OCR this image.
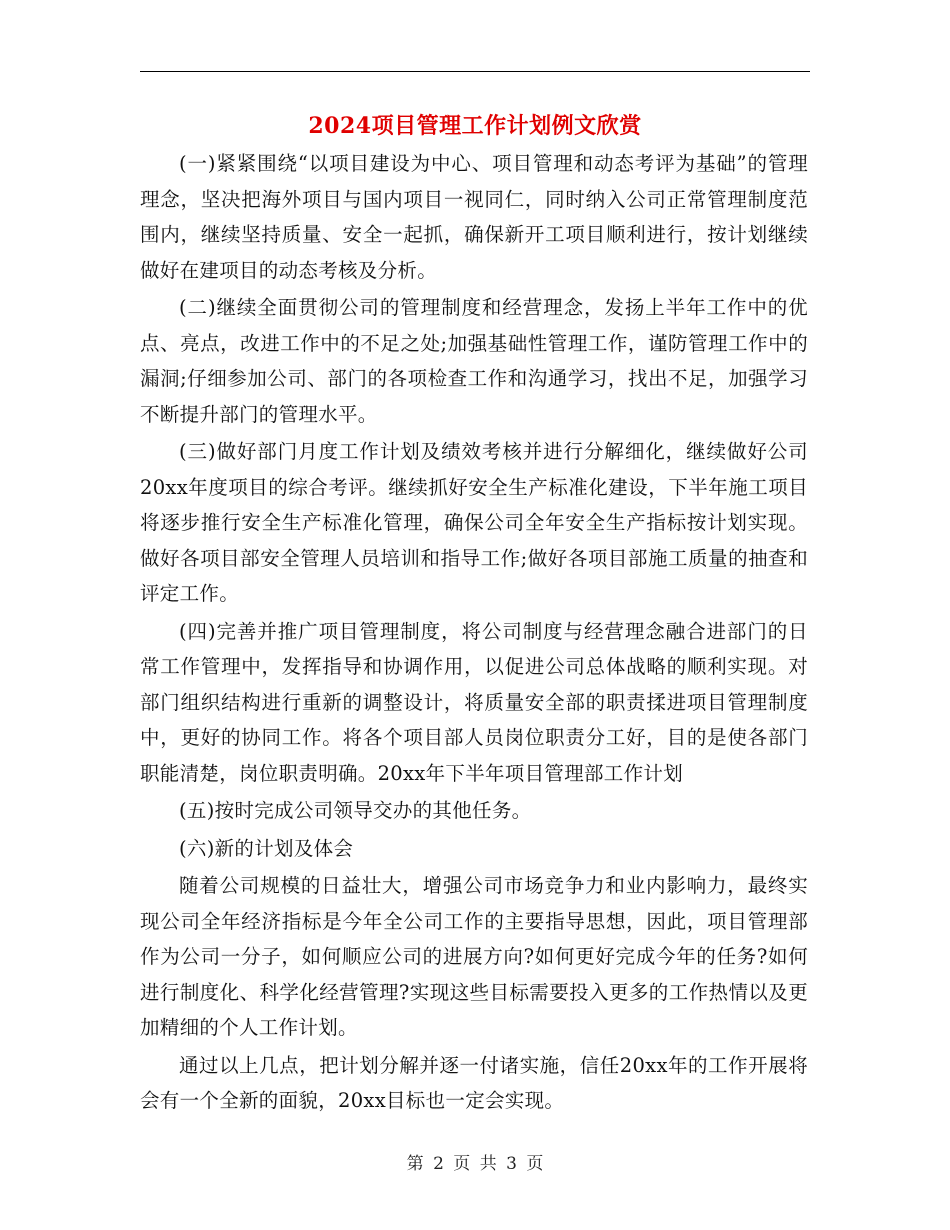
2024项目管理工作计划例文欣赏

(一)紧紧围绕“以项目建设为中心、项目管理和动态考评为基础”的管理理念，坚决把海外项目与国内项目一视同仁，同时纳入公司正常管理制度范围内，继续坚持质量、安全一起抓，确保新开工项目顺利进行，按计划继续做好在建项目的动态考核及分析。

(二)继续全面贯彻公司的管理制度和经营理念，发扬上半年工作中的优点、亮点，改进工作中的不足之处;加强基础性管理工作，谨防管理工作中的漏洞;仔细参加公司、部门的各项检查工作和沟通学习，找出不足，加强学习不断提升部门的管理水平。

(三)做好部门月度工作计划及绩效考核并进行分解细化，继续做好公司20xx年度项目的综合考评。继续抓好安全生产标准化建设，下半年施工项目将逐步推行安全生产标准化管理，确保公司全年安全生产指标按计划实现。做好各项目部安全管理人员培训和指导工作;做好各项目部施工质量的抽查和评定工作。

(四)完善并推广项目管理制度，将公司制度与经营理念融合进部门的日常工作管理中，发挥指导和协调作用，以促进公司总体战略的顺利实现。对部门组织结构进行重新的调整设计，将质量安全部的职责揉进项目管理制度中，更好的协同工作。将各个项目部人员岗位职责分工好，目的是使各部门职能清楚，岗位职责明确。20xx年下半年项目管理部工作计划

(五)按时完成公司领导交办的其他任务。

(六)新的计划及体会

随着公司规模的日益壮大，增强公司市场竞争力和业内影响力，最终实现公司全年经济指标是今年全公司工作的主要指导思想，因此，项目管理部作为公司一分子，如何顺应公司的进展方向?如何更好完成今年的任务?如何进行制度化、科学化经营管理?实现这些目标需要投入更多的工作热情以及更加精细的个人工作计划。

通过以上几点，把计划分解并逐一付诸实施，信任20xx年的工作开展将会有一个全新的面貌，20xx目标也一定会实现。

第 2 页 共 3 页
